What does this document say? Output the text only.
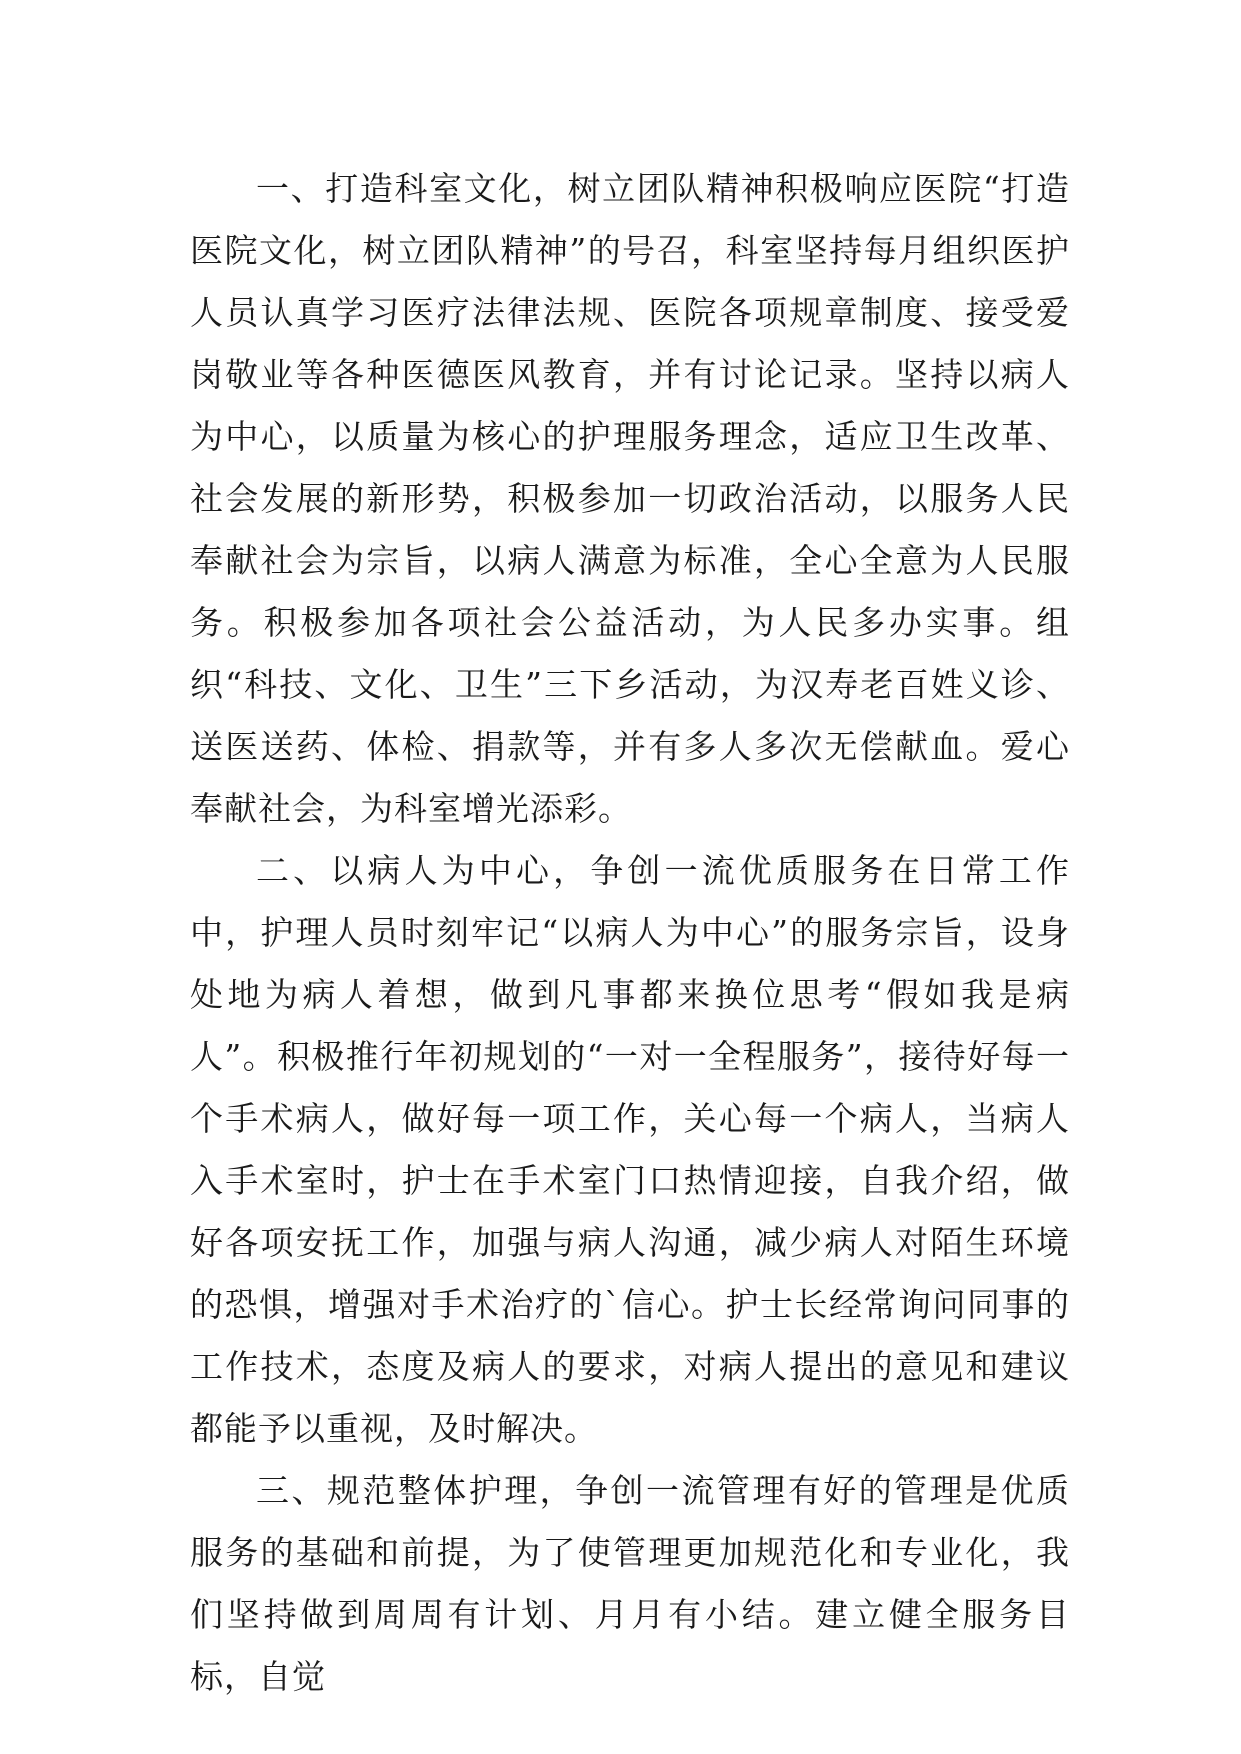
一、打造科室文化，树立团队精神积极响应医院“打造医院文化，树立团队精神”的号召，科室坚持每月组织医护人员认真学习医疗法律法规、医院各项规章制度、接受爱岗敬业等各种医德医风教育，并有讨论记录。坚持以病人为中心，以质量为核心的护理服务理念，适应卫生改革、社会发展的新形势，积极参加一切政治活动，以服务人民奉献社会为宗旨，以病人满意为标准，全心全意为人民服务。积极参加各项社会公益活动，为人民多办实事。组织“科技、文化、卫生”三下乡活动，为汉寿老百姓义诊、送医送药、体检、捐款等，并有多人多次无偿献血。爱心奉献社会，为科室增光添彩。

二、以病人为中心，争创一流优质服务在日常工作中，护理人员时刻牢记“以病人为中心”的服务宗旨，设身处地为病人着想，做到凡事都来换位思考“假如我是病人”。积极推行年初规划的“一对一全程服务”，接待好每一个手术病人，做好每一项工作，关心每一个病人，当病人入手术室时，护士在手术室门口热情迎接，自我介绍，做好各项安抚工作，加强与病人沟通，减少病人对陌生环境的恐惧，增强对手术治疗的`信心。护士长经常询问同事的工作技术，态度及病人的要求，对病人提出的意见和建议都能予以重视，及时解决。

三、规范整体护理，争创一流管理有好的管理是优质服务的基础和前提，为了使管理更加规范化和专业化，我们坚持做到周周有计划、月月有小结。建立健全服务目标，自觉
